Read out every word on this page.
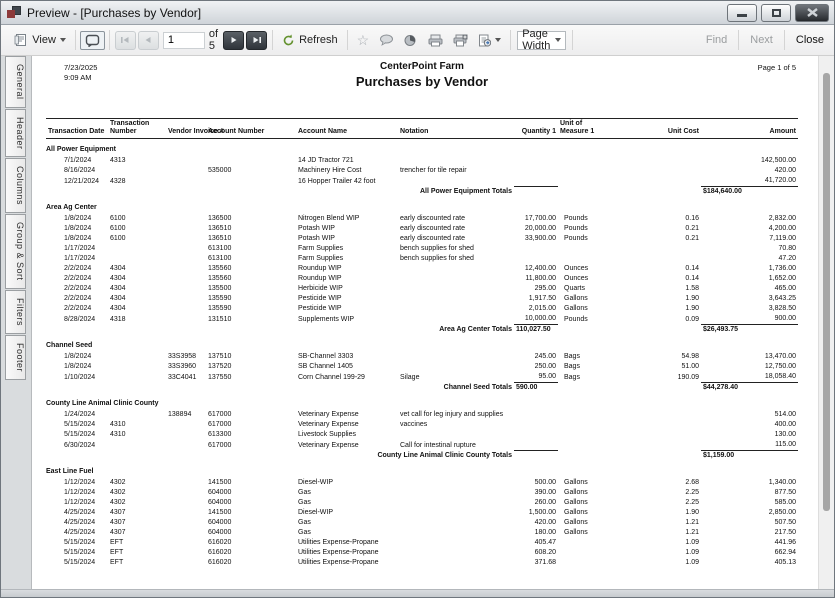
Preview - [Purchases by Vendor]
View
1	of 5	Refresh ☆	Page Width	Find Next Close
General
Header
Columns
Group & Sort
Filters
Footer
7/23/2025
9:09 AM
CenterPoint Farm
Purchases by Vendor
Page 1 of 5
Transaction Date	Transaction
Number	Vendor Invoice #	Account Number	Account Name	Notation	Quantity 1	Unit of
Measure 1	Unit Cost	Amount

All Power Equipment									
7/1/2024	4313			14 JD Tractor 721					142,500.00
8/16/2024			535000	Machinery Hire Cost	trencher for tile repair				420.00
12/21/2024	4328			16 Hopper Trailer 42 foot					41,720.00
All Power Equipment Totals									$184,640.00
Area Ag Center									
1/8/2024	6100		136500	Nitrogen Blend WIP	early discounted rate	17,700.00	Pounds	0.16	2,832.00
1/8/2024	6100		136510	Potash WIP	early discounted rate	20,000.00	Pounds	0.21	4,200.00
1/8/2024	6100		136510	Potash WIP	early discounted rate	33,900.00	Pounds	0.21	7,119.00
1/17/2024			613100	Farm Supplies	bench supplies for shed				70.80
1/17/2024			613100	Farm Supplies	bench supplies for shed				47.20
2/2/2024	4304		135560	Roundup WIP		12,400.00	Ounces	0.14	1,736.00
2/2/2024	4304		135560	Roundup WIP		11,800.00	Ounces	0.14	1,652.00
2/2/2024	4304		135500	Herbicide WIP		295.00	Quarts	1.58	465.00
2/2/2024	4304		135590	Pesticide WIP		1,917.50	Gallons	1.90	3,643.25
2/2/2024	4304		135590	Pesticide WIP		2,015.00	Gallons	1.90	3,828.50
8/28/2024	4318		131510	Supplements WIP		10,000.00	Pounds	0.09	900.00
Area Ag Center Totals						110,027.50			$26,493.75
Channel Seed									
1/8/2024		33S3958	137510	SB-Channel 3303		245.00	Bags	54.98	13,470.00
1/8/2024		33S3960	137520	SB Channel 1405		250.00	Bags	51.00	12,750.00
1/10/2024		33C4041	137550	Corn Channel 199-29	Silage	95.00	Bags	190.09	18,058.40
Channel Seed Totals						590.00			$44,278.40
County Line Animal Clinic County									
1/24/2024		138894	617000	Veterinary Expense	vet call for leg injury and supplies				514.00
5/15/2024	4310		617000	Veterinary Expense	vaccines				400.00
5/15/2024	4310		613300	Livestock Supplies					130.00
6/30/2024			617000	Veterinary Expense	Call for intestinal rupture				115.00
County Line Animal Clinic County Totals									$1,159.00
East Line Fuel									
1/12/2024	4302		141500	Diesel-WIP		500.00	Gallons	2.68	1,340.00
1/12/2024	4302		604000	Gas		390.00	Gallons	2.25	877.50
1/12/2024	4302		604000	Gas		260.00	Gallons	2.25	585.00
4/25/2024	4307		141500	Diesel-WIP		1,500.00	Gallons	1.90	2,850.00
4/25/2024	4307		604000	Gas		420.00	Gallons	1.21	507.50
4/25/2024	4307		604000	Gas		180.00	Gallons	1.21	217.50
5/15/2024	EFT		616020	Utilities Expense-Propane		405.47		1.09	441.96
5/15/2024	EFT		616020	Utilities Expense-Propane		608.20		1.09	662.94
5/15/2024	EFT		616020	Utilities Expense-Propane		371.68		1.09	405.13
